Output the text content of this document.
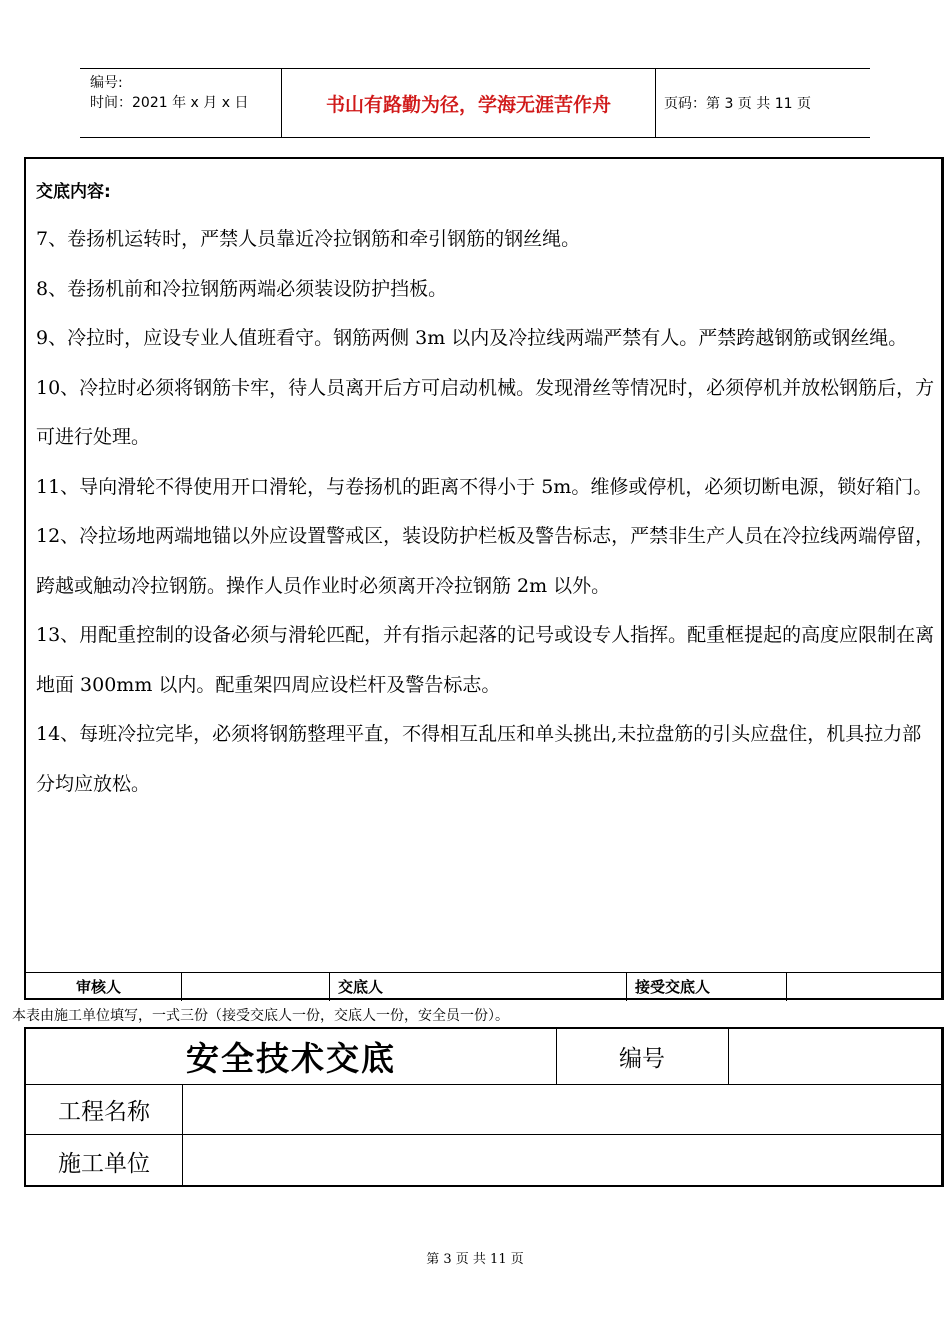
编号:
时间：2021 年 x 月 x 日	书山有路勤为径，学海无涯苦作舟	页码：第 3 页 共 11 页
交底内容:

7、卷扬机运转时，严禁人员靠近冷拉钢筋和牵引钢筋的钢丝绳。

8、卷扬机前和冷拉钢筋两端必须装设防护挡板。

9、冷拉时，应设专业人值班看守。钢筋两侧 3m 以内及冷拉线两端严禁有人。严禁跨越钢筋或钢丝绳。

10、冷拉时必须将钢筋卡牢，待人员离开后方可启动机械。发现滑丝等情况时，必须停机并放松钢筋后，方可进行处理。

11、导向滑轮不得使用开口滑轮，与卷扬机的距离不得小于 5m。维修或停机，必须切断电源，锁好箱门。

12、冷拉场地两端地锚以外应设置警戒区，装设防护栏板及警告标志，严禁非生产人员在冷拉线两端停留，跨越或触动冷拉钢筋。操作人员作业时必须离开冷拉钢筋 2m 以外。

13、用配重控制的设备必须与滑轮匹配，并有指示起落的记号或设专人指挥。配重框提起的高度应限制在离地面 300mm 以内。配重架四周应设栏杆及警告标志。

14、每班冷拉完毕，必须将钢筋整理平直，不得相互乱压和单头挑出,未拉盘筋的引头应盘住，机具拉力部分均应放松。

审核人	交底人	接受交底人
本表由施工单位填写，一式三份（接受交底人一份，交底人一份，安全员一份）。
安全技术交底	编号
工程名称
施工单位
第 3 页 共 11 页
